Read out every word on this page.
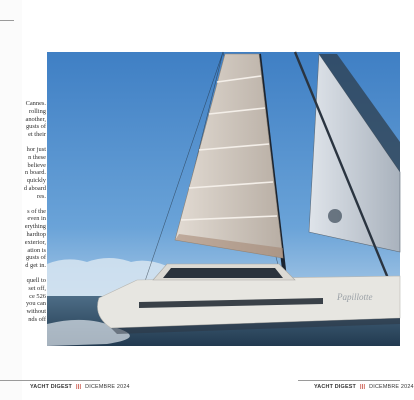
Cannes.
rolling
another,
gusts of
et their

hor just
n these
believe
n board.
quickly
d aboard
res.

s of the
even in
erything
hardtop
exterior,
ation is
gusts of
d get in.

quell to
set off,
ce 526
you can
without
nds off

Papillotte
YACHT DIGEST ||| DICEMBRE 2024	YACHT DIGEST ||| DICEMBRE 2024
